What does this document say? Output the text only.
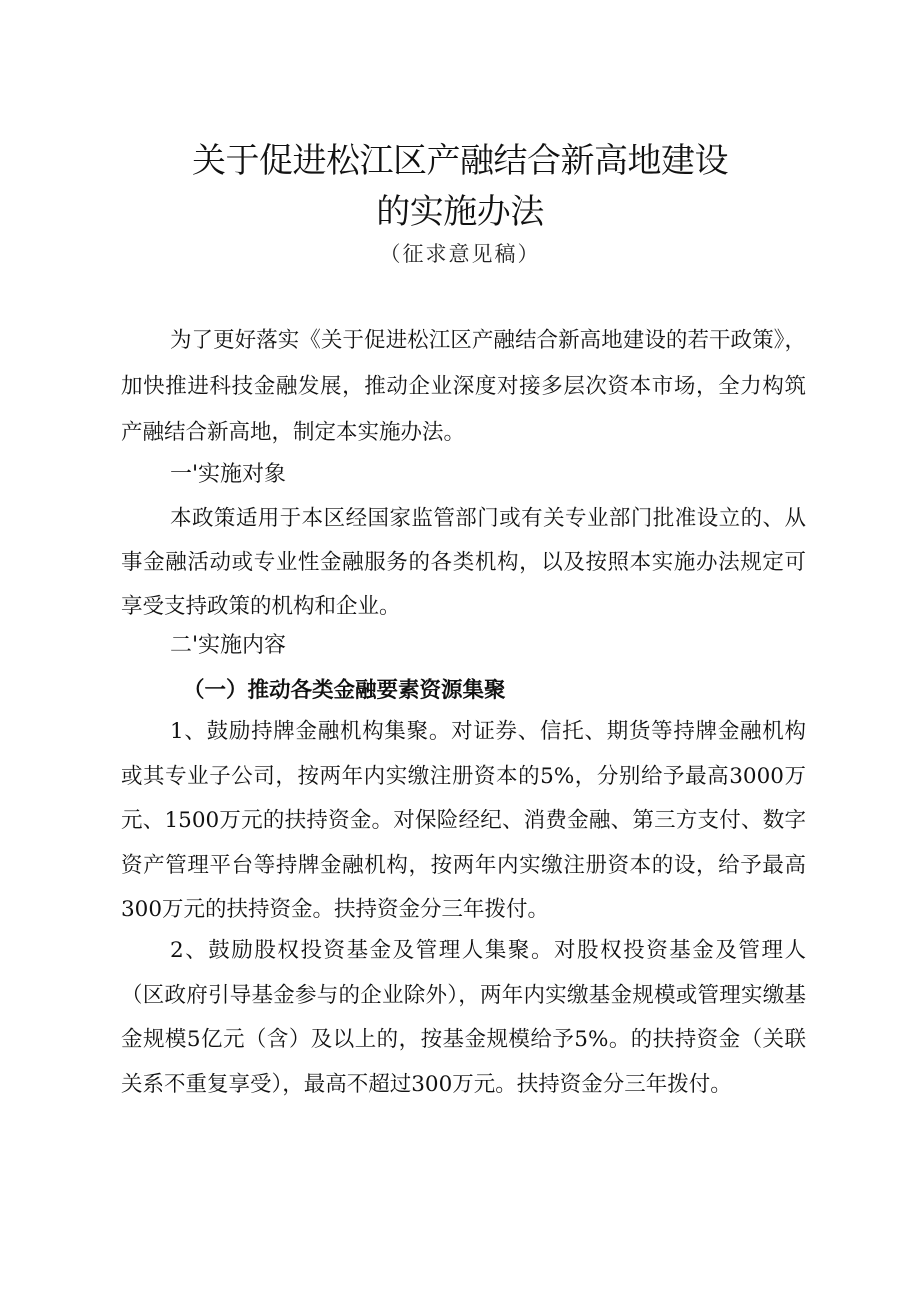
关于促进松江区产融结合新高地建设
的实施办法
（征求意见稿）
为了更好落实《关于促进松江区产融结合新高地建设的若干政策》，加快推进科技金融发展，推动企业深度对接多层次资本市场，全力构筑产融结合新高地，制定本实施办法。
一'实施对象
本政策适用于本区经国家监管部门或有关专业部门批准设立的、从事金融活动或专业性金融服务的各类机构，以及按照本实施办法规定可享受支持政策的机构和企业。
二'实施内容
（一）推动各类金融要素资源集聚
1、鼓励持牌金融机构集聚。对证券、信托、期货等持牌金融机构或其专业子公司，按两年内实缴注册资本的5%，分别给予最高3000万元、1500万元的扶持资金。对保险经纪、消费金融、第三方支付、数字资产管理平台等持牌金融机构，按两年内实缴注册资本的设，给予最高300万元的扶持资金。扶持资金分三年拨付。
2、鼓励股权投资基金及管理人集聚。对股权投资基金及管理人（区政府引导基金参与的企业除外），两年内实缴基金规模或管理实缴基金规模5亿元（含）及以上的，按基金规模给予5%。的扶持资金（关联关系不重复享受），最高不超过300万元。扶持资金分三年拨付。
